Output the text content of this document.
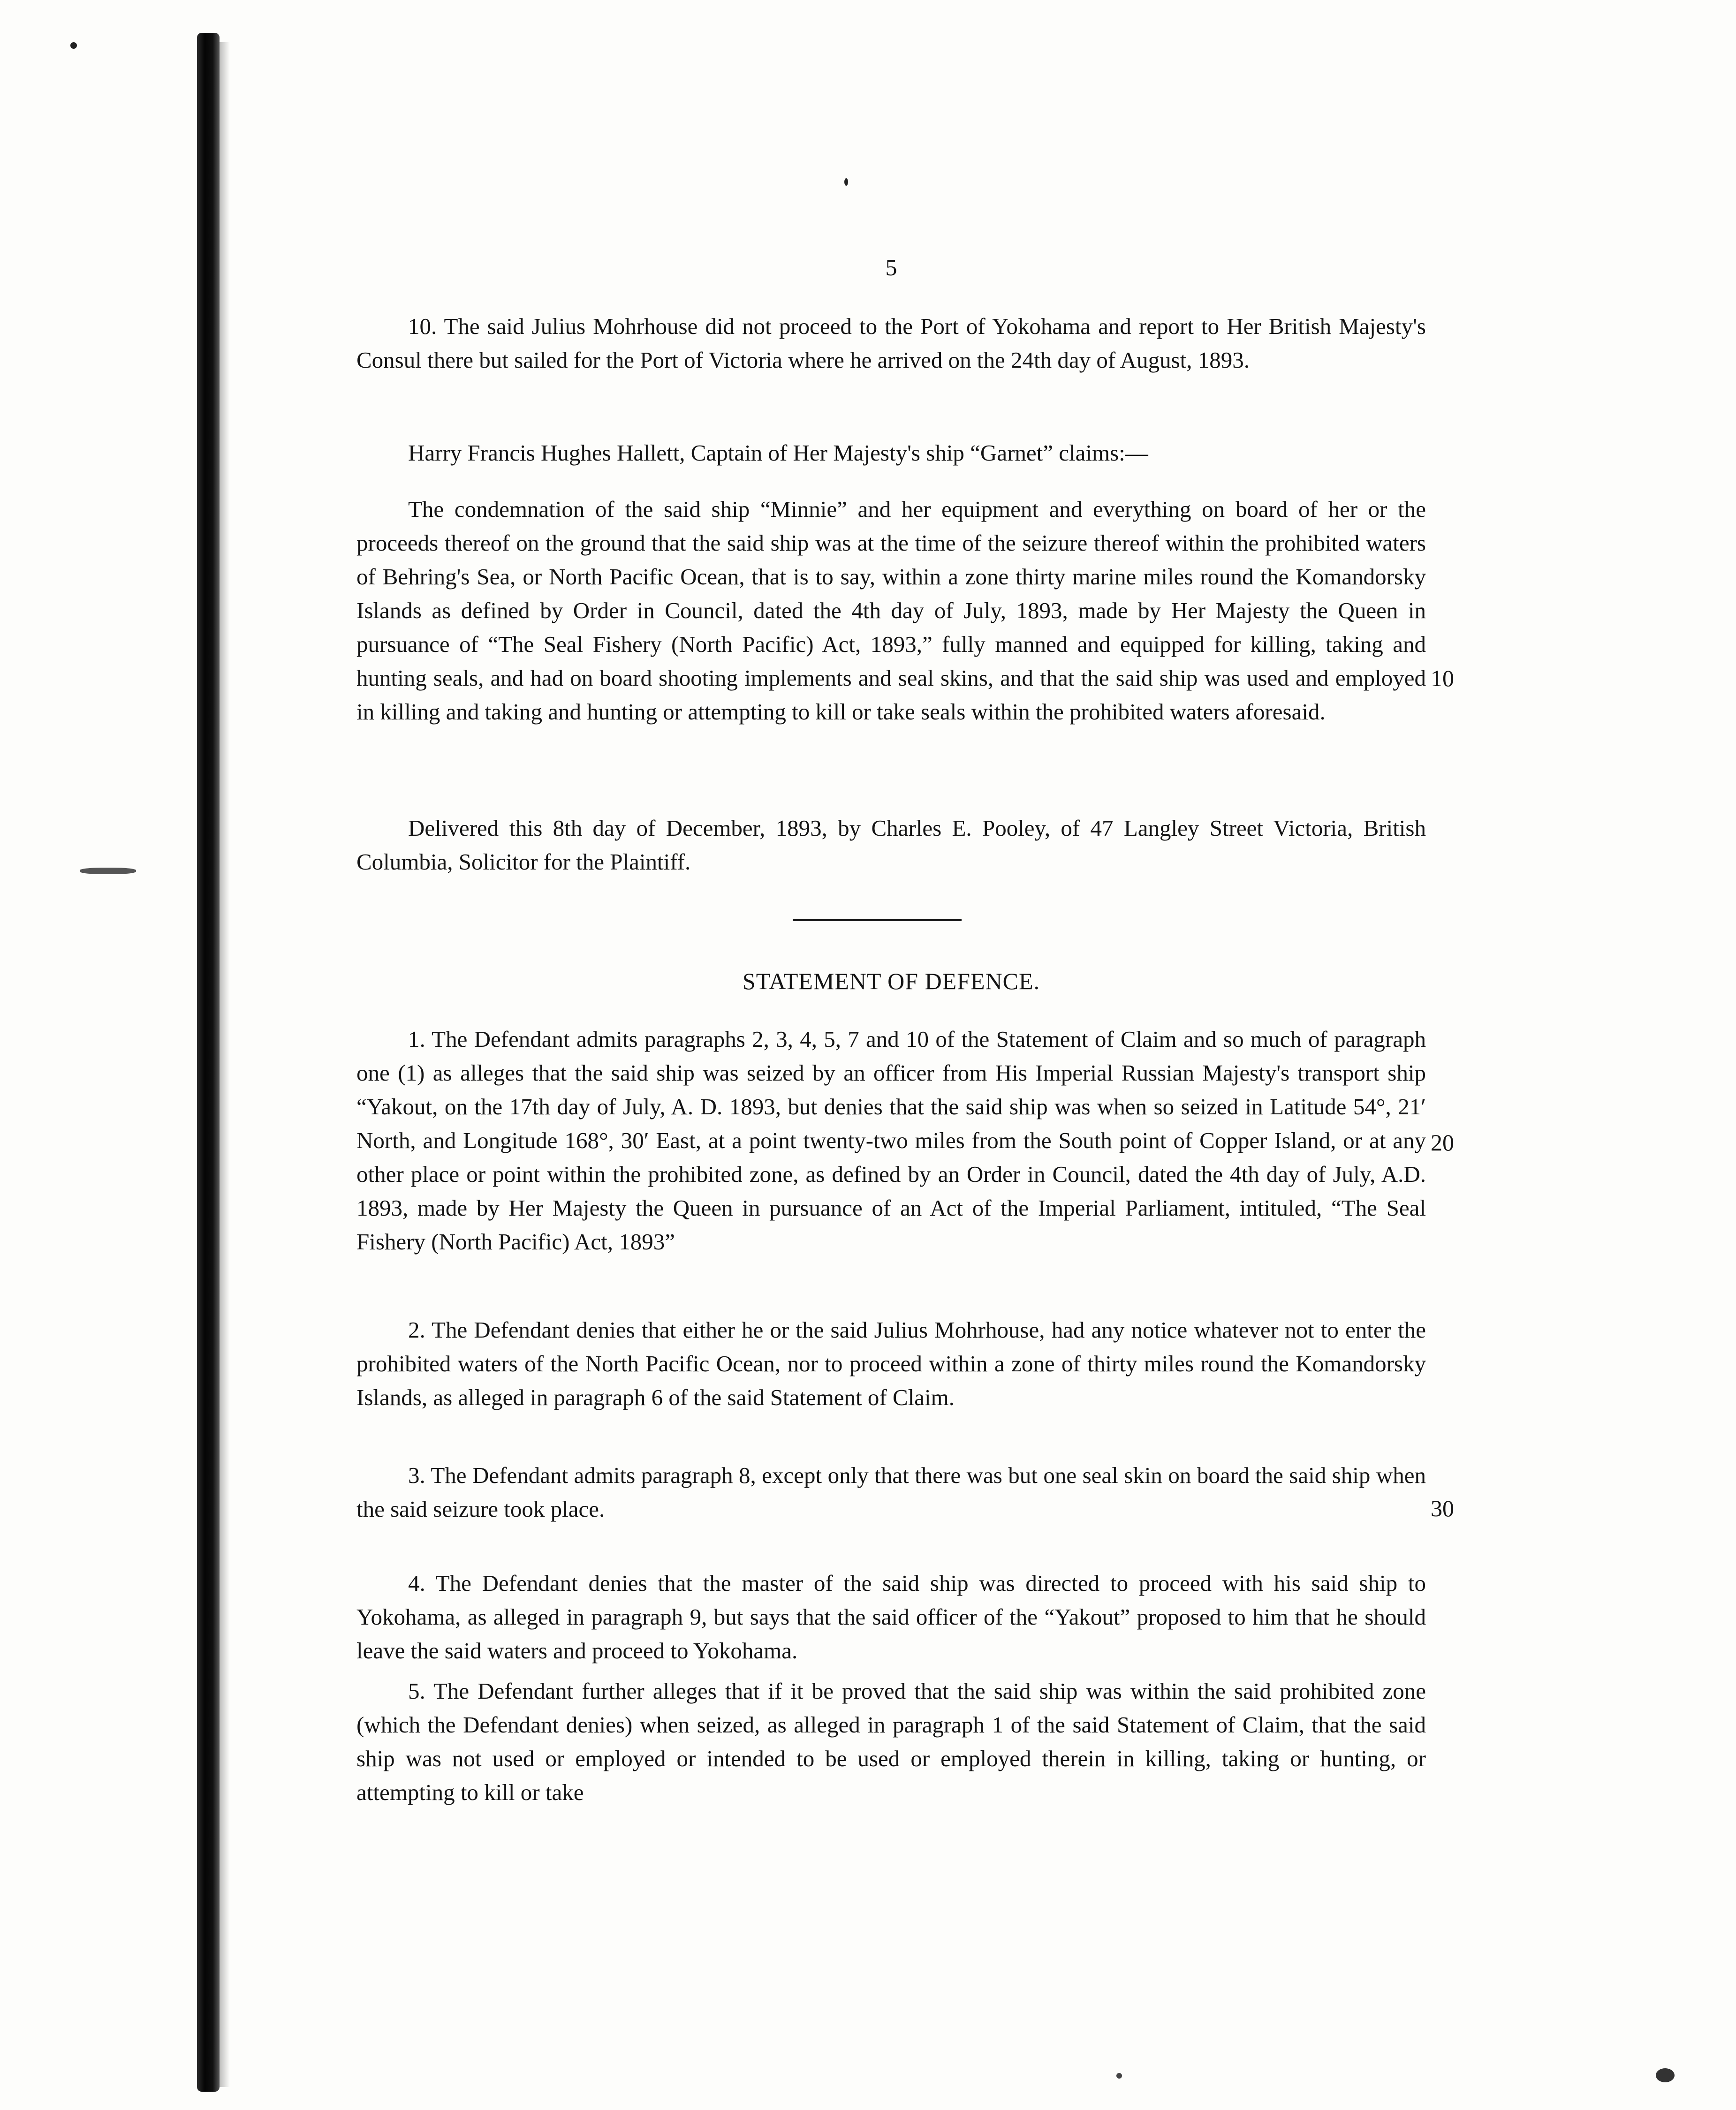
5

10. The said Julius Mohrhouse did not proceed to the Port of Yokohama and report to Her British Majesty's Consul there but sailed for the Port of Victoria where he arrived on the 24th day of August, 1893.

Harry Francis Hughes Hallett, Captain of Her Majesty's ship “Garnet” claims:—

The condemnation of the said ship “Minnie” and her equipment and everything on board of her or the proceeds thereof on the ground that the said ship was at the time of the seizure thereof within the prohibited waters of Behring's Sea, or North Pacific Ocean, that is to say, within a zone thirty marine miles round the Komandorsky Islands as defined by Order in Council, dated the 4th day of July, 1893, made by Her Majesty the Queen in pursuance of “The Seal Fishery (North Pacific) Act, 1893,” fully manned and equipped for killing, taking and hunting seals, and had on board shooting implements and seal skins, and that the said ship was used and employed in killing and taking and hunting or attempting to kill or take seals within the prohibited waters aforesaid.

Delivered this 8th day of December, 1893, by Charles E. Pooley, of 47 Langley Street Victoria, British Columbia, Solicitor for the Plaintiff.

STATEMENT OF DEFENCE.

1. The Defendant admits paragraphs 2, 3, 4, 5, 7 and 10 of the Statement of Claim and so much of paragraph one (1) as alleges that the said ship was seized by an officer from His Imperial Russian Majesty's transport ship “Yakout, on the 17th day of July, A. D. 1893, but denies that the said ship was when so seized in Latitude 54°, 21′ North, and Longitude 168°, 30′ East, at a point twenty-two miles from the South point of Copper Island, or at any other place or point within the prohibited zone, as defined by an Order in Council, dated the 4th day of July, A.D. 1893, made by Her Majesty the Queen in pursuance of an Act of the Imperial Parliament, intituled, “The Seal Fishery (North Pacific) Act, 1893”

2. The Defendant denies that either he or the said Julius Mohrhouse, had any notice whatever not to enter the prohibited waters of the North Pacific Ocean, nor to proceed within a zone of thirty miles round the Komandorsky Islands, as alleged in paragraph 6 of the said Statement of Claim.

3. The Defendant admits paragraph 8, except only that there was but one seal skin on board the said ship when the said seizure took place.

4. The Defendant denies that the master of the said ship was directed to proceed with his said ship to Yokohama, as alleged in paragraph 9, but says that the said officer of the “Yakout” proposed to him that he should leave the said waters and proceed to Yokohama.

5. The Defendant further alleges that if it be proved that the said ship was within the said prohibited zone (which the Defendant denies) when seized, as alleged in paragraph 1 of the said Statement of Claim, that the said ship was not used or employed or intended to be used or employed therein in killing, taking or hunting, or attempting to kill or take

10
20
30
